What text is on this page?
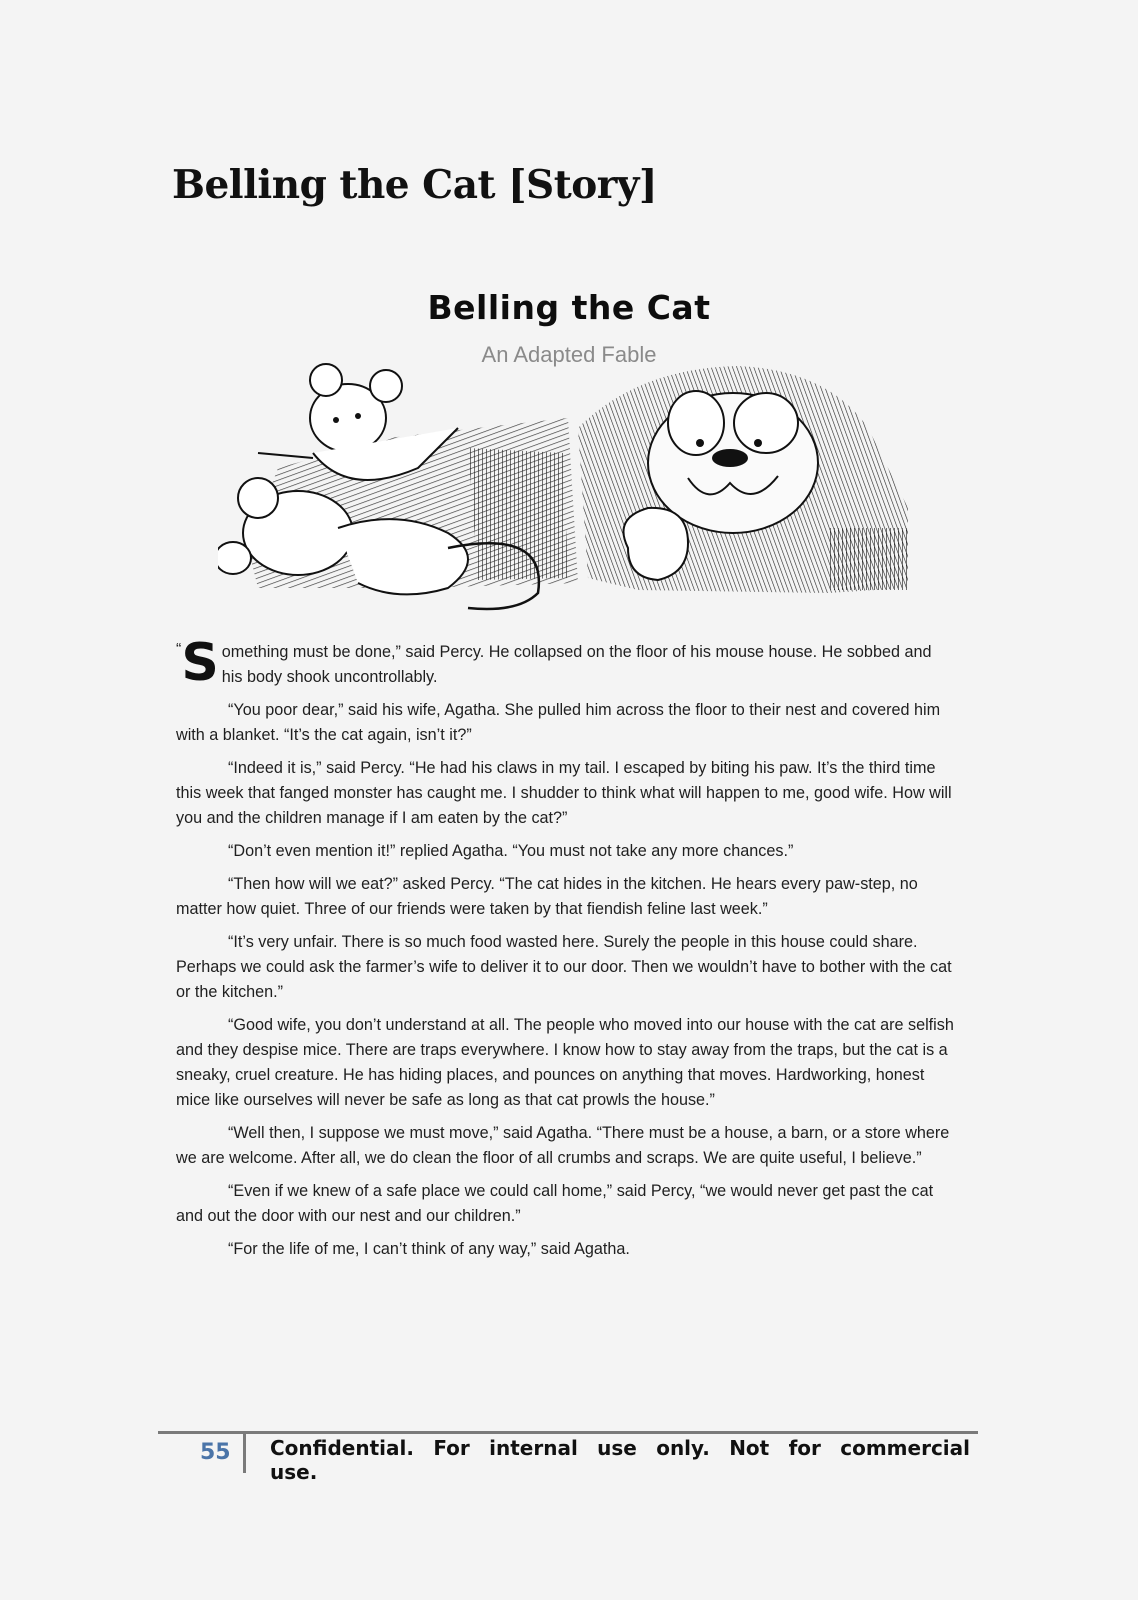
Belling the Cat [Story]
Belling the Cat
An Adapted Fable

“ S omething must be done,” said Percy. He collapsed on the floor of his mouse house. He sobbed and his body shook uncontrollably.

“You poor dear,” said his wife, Agatha. She pulled him across the floor to their nest and covered him with a blanket. “It’s the cat again, isn’t it?”

“Indeed it is,” said Percy. “He had his claws in my tail. I escaped by biting his paw. It’s the third time this week that fanged monster has caught me. I shudder to think what will happen to me, good wife. How will you and the children manage if I am eaten by the cat?”

“Don’t even mention it!” replied Agatha. “You must not take any more chances.”

“Then how will we eat?” asked Percy. “The cat hides in the kitchen. He hears every paw-step, no matter how quiet. Three of our friends were taken by that fiendish feline last week.”

“It’s very unfair. There is so much food wasted here. Surely the people in this house could share. Perhaps we could ask the farmer’s wife to deliver it to our door. Then we wouldn’t have to bother with the cat or the kitchen.”

“Good wife, you don’t understand at all. The people who moved into our house with the cat are selfish and they despise mice. There are traps everywhere. I know how to stay away from the traps, but the cat is a sneaky, cruel creature. He has hiding places, and pounces on anything that moves. Hardworking, honest mice like ourselves will never be safe as long as that cat prowls the house.”

“Well then, I suppose we must move,” said Agatha. “There must be a house, a barn, or a store where we are welcome. After all, we do clean the floor of all crumbs and scraps. We are quite useful, I believe.”

“Even if we knew of a safe place we could call home,” said Percy, “we would never get past the cat and out the door with our nest and our children.”

“For the life of me, I can’t think of any way,” said Agatha.

55	Confidential. For internal use only. Not for commercial use.
